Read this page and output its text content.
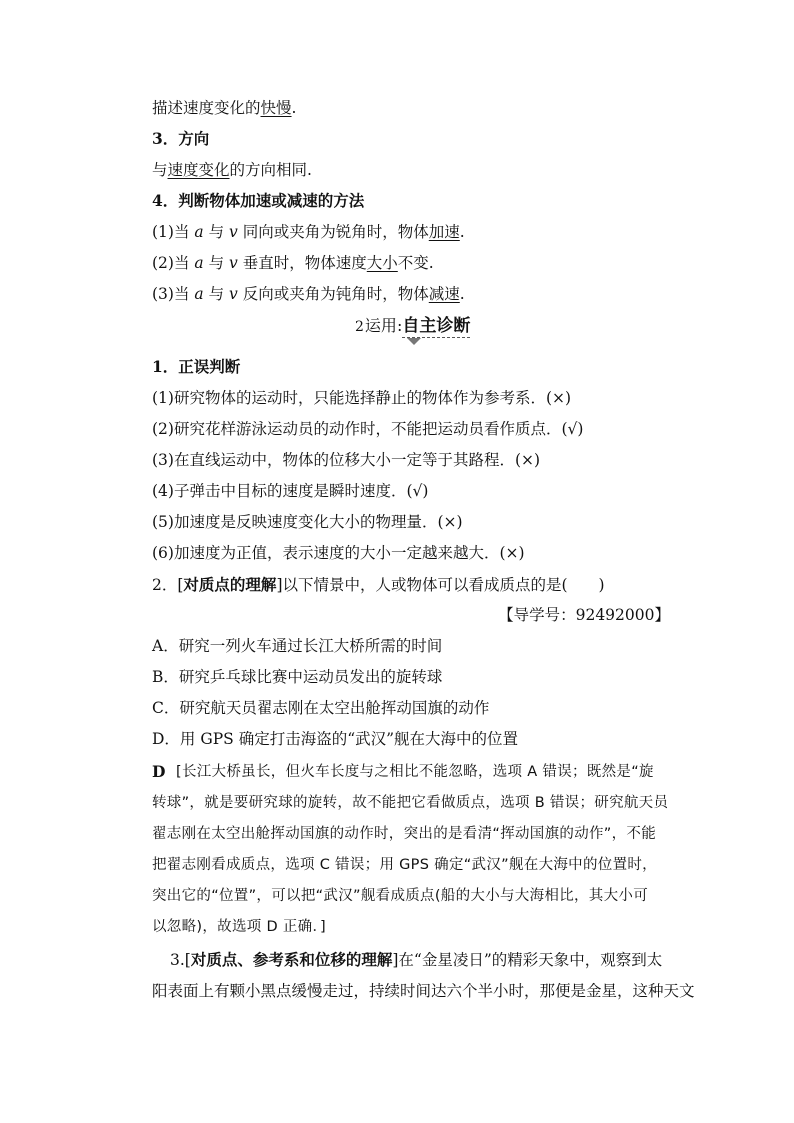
描述速度变化的快慢.
3．方向
与速度变化的方向相同.
4．判断物体加速或减速的方法
(1)当 a 与 v 同向或夹角为锐角时，物体加速.
(2)当 a 与 v 垂直时，物体速度大小不变.
(3)当 a 与 v 反向或夹角为钝角时，物体减速.
2运用:自主诊断
1．正误判断
(1)研究物体的运动时，只能选择静止的物体作为参考系．(×)
(2)研究花样游泳运动员的动作时，不能把运动员看作质点．(√)
(3)在直线运动中，物体的位移大小一定等于其路程．(×)
(4)子弹击中目标的速度是瞬时速度．(√)
(5)加速度是反映速度变化大小的物理量．(×)
(6)加速度为正值，表示速度的大小一定越来越大．(×)
2．[对质点的理解]以下情景中，人或物体可以看成质点的是(　　)
【导学号：92492000】
A．研究一列火车通过长江大桥所需的时间
B．研究乒乓球比赛中运动员发出的旋转球
C．研究航天员翟志刚在太空出舱挥动国旗的动作
D．用 GPS 确定打击海盗的“武汉”舰在大海中的位置
D [长江大桥虽长，但火车长度与之相比不能忽略，选项 A 错误；既然是“旋
转球”，就是要研究球的旋转，故不能把它看做质点，选项 B 错误；研究航天员
翟志刚在太空出舱挥动国旗的动作时，突出的是看清“挥动国旗的动作”，不能
把翟志刚看成质点，选项 C 错误；用 GPS 确定“武汉”舰在大海中的位置时，
突出它的“位置”，可以把“武汉”舰看成质点(船的大小与大海相比，其大小可
以忽略)，故选项 D 正确．]
3.[对质点、参考系和位移的理解]在“金星凌日”的精彩天象中，观察到太
阳表面上有颗小黑点缓慢走过，持续时间达六个半小时，那便是金星，这种天文
